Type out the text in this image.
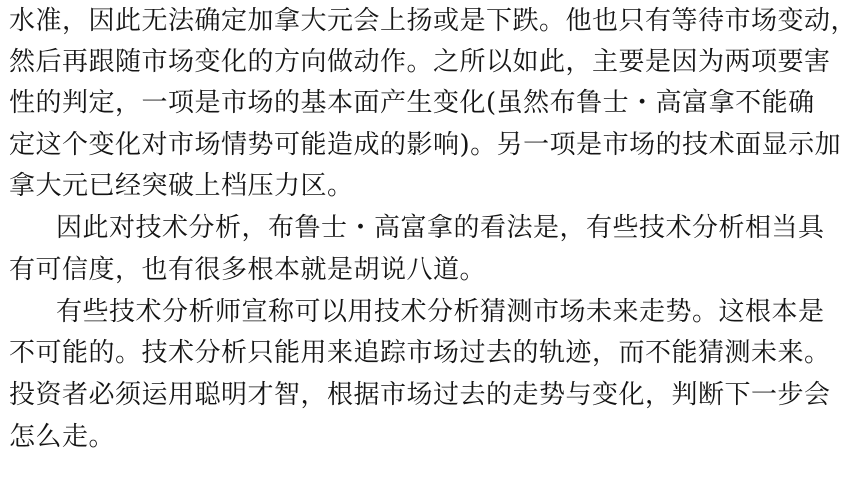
水准，因此无法确定加拿大元会上扬或是下跌。他也只有等待市场变动，
然后再跟随市场变化的方向做动作。之所以如此，主要是因为两项要害
性的判定，一项是市场的基本面产生变化(虽然布鲁士・高富拿不能确
定这个变化对市场情势可能造成的影响)。另一项是市场的技术面显示加
拿大元已经突破上档压力区。
因此对技术分析，布鲁士・高富拿的看法是，有些技术分析相当具
有可信度，也有很多根本就是胡说八道。
有些技术分析师宣称可以用技术分析猜测市场未来走势。这根本是
不可能的。技术分析只能用来追踪市场过去的轨迹，而不能猜测未来。
投资者必须运用聪明才智，根据市场过去的走势与变化，判断下一步会
怎么走。
